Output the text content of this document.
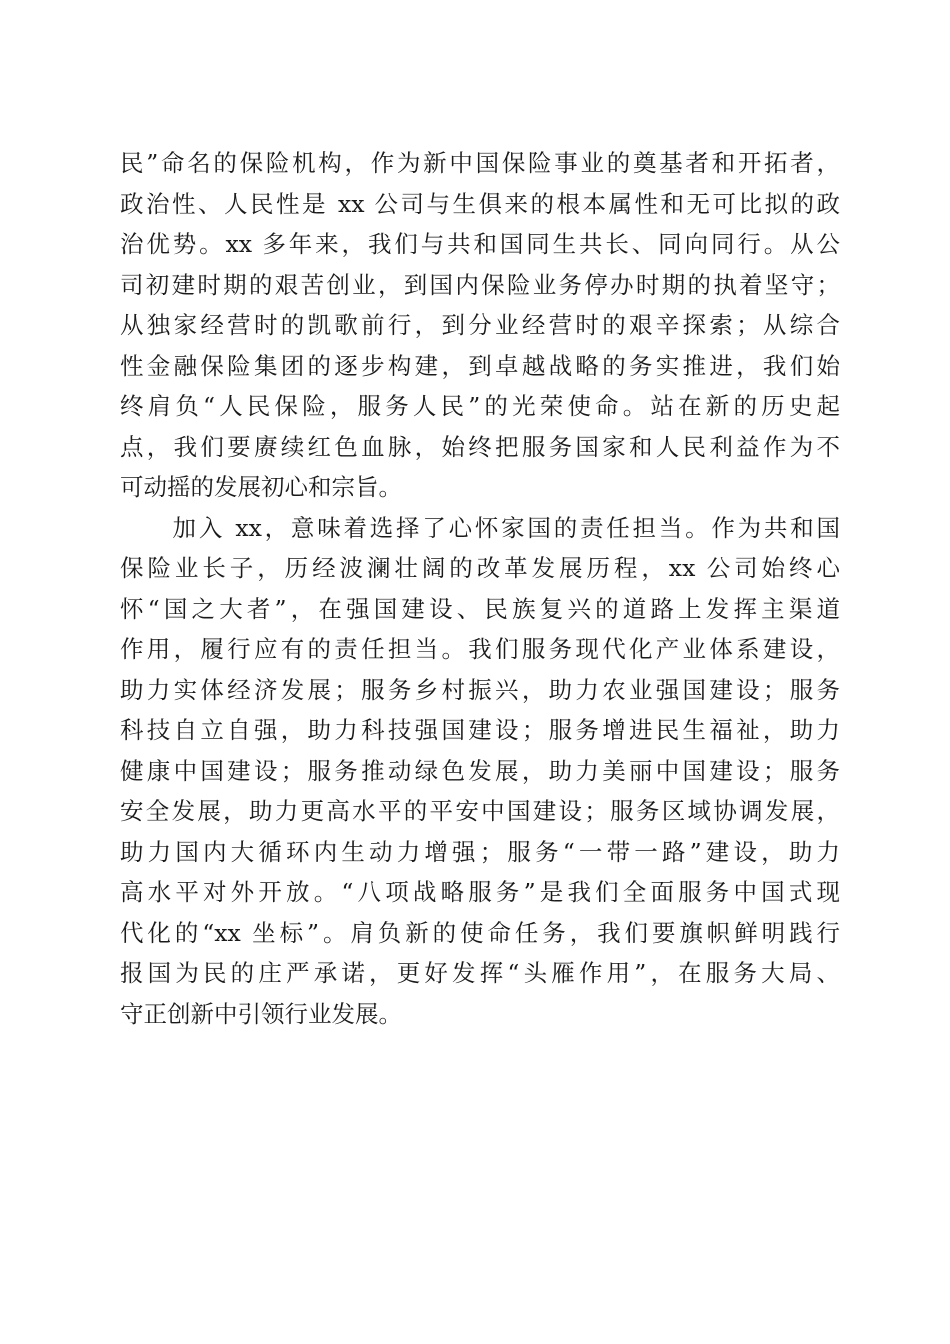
民”命名的保险机构，作为新中国保险事业的奠基者和开拓者，
政治性、人民性是 xx 公司与生俱来的根本属性和无可比拟的政
治优势。xx 多年来，我们与共和国同生共长、同向同行。从公
司初建时期的艰苦创业，到国内保险业务停办时期的执着坚守；
从独家经营时的凯歌前行，到分业经营时的艰辛探索；从综合
性金融保险集团的逐步构建，到卓越战略的务实推进，我们始
终肩负“人民保险，服务人民”的光荣使命。站在新的历史起
点，我们要赓续红色血脉，始终把服务国家和人民利益作为不
可动摇的发展初心和宗旨。
　　加入 xx，意味着选择了心怀家国的责任担当。作为共和国
保险业长子，历经波澜壮阔的改革发展历程，xx 公司始终心
怀“国之大者”，在强国建设、民族复兴的道路上发挥主渠道
作用，履行应有的责任担当。我们服务现代化产业体系建设，
助力实体经济发展；服务乡村振兴，助力农业强国建设；服务
科技自立自强，助力科技强国建设；服务增进民生福祉，助力
健康中国建设；服务推动绿色发展，助力美丽中国建设；服务
安全发展，助力更高水平的平安中国建设；服务区域协调发展，
助力国内大循环内生动力增强；服务“一带一路”建设，助力
高水平对外开放。“八项战略服务”是我们全面服务中国式现
代化的“xx 坐标”。肩负新的使命任务，我们要旗帜鲜明践行
报国为民的庄严承诺，更好发挥“头雁作用”，在服务大局、
守正创新中引领行业发展。
